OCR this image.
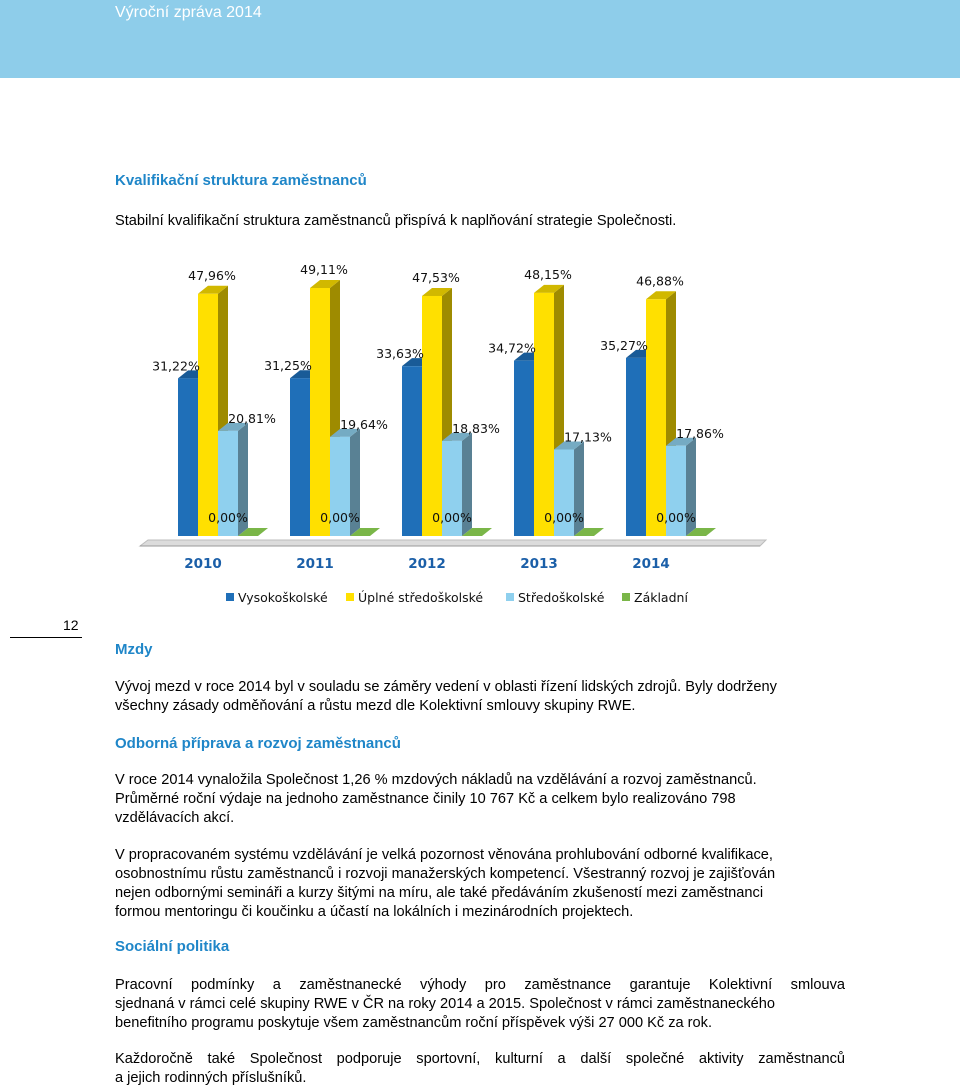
Výroční zpráva 2014
Kvalifikační struktura zaměstnanců

Stabilní kvalifikační struktura zaměstnanců přispívá k naplňování strategie Společnosti.

31,22%
47,96%
20,81%
0,00%
31,25%
49,11%
19,64%
0,00%
33,63%
47,53%
18,83%
0,00%
34,72%
48,15%
17,13%
0,00%
35,27%
46,88%
17,86%
0,00%
2010	2011	2012	2013	2014
Vysokoškolské Úplné středoškolské	Středoškolské Základní
12
Mzdy
Vývoj mezd v roce 2014 byl v souladu se záměry vedení v oblasti řízení lidských zdrojů. Byly dodrženy
všechny zásady odměňování a růstu mezd dle Kolektivní smlouvy skupiny RWE.
Odborná příprava a rozvoj zaměstnanců
V roce 2014 vynaložila Společnost 1,26 % mzdových nákladů na vzdělávání a rozvoj zaměstnanců.
Průměrné roční výdaje na jednoho zaměstnance činily 10 767 Kč a celkem bylo realizováno 798
vzdělávacích akcí.
V propracovaném systému vzdělávání je velká pozornost věnována prohlubování odborné kvalifikace,
osobnostnímu růstu zaměstnanců i rozvoji manažerských kompetencí. Všestranný rozvoj je zajišťován
nejen odbornými semináři a kurzy šitými na míru, ale také předáváním zkušeností mezi zaměstnanci
formou mentoringu či koučinku a účastí na lokálních i mezinárodních projektech.
Sociální politika
Pracovní podmínky a zaměstnanecké výhody pro zaměstnance garantuje Kolektivní smlouva
sjednaná v rámci celé skupiny RWE v ČR na roky 2014 a 2015. Společnost v rámci zaměstnaneckého
benefitního programu poskytuje všem zaměstnancům roční příspěvek výši 27 000 Kč za rok.
Každoročně také Společnost podporuje sportovní, kulturní a další společné aktivity zaměstnanců
a jejich rodinných příslušníků.
